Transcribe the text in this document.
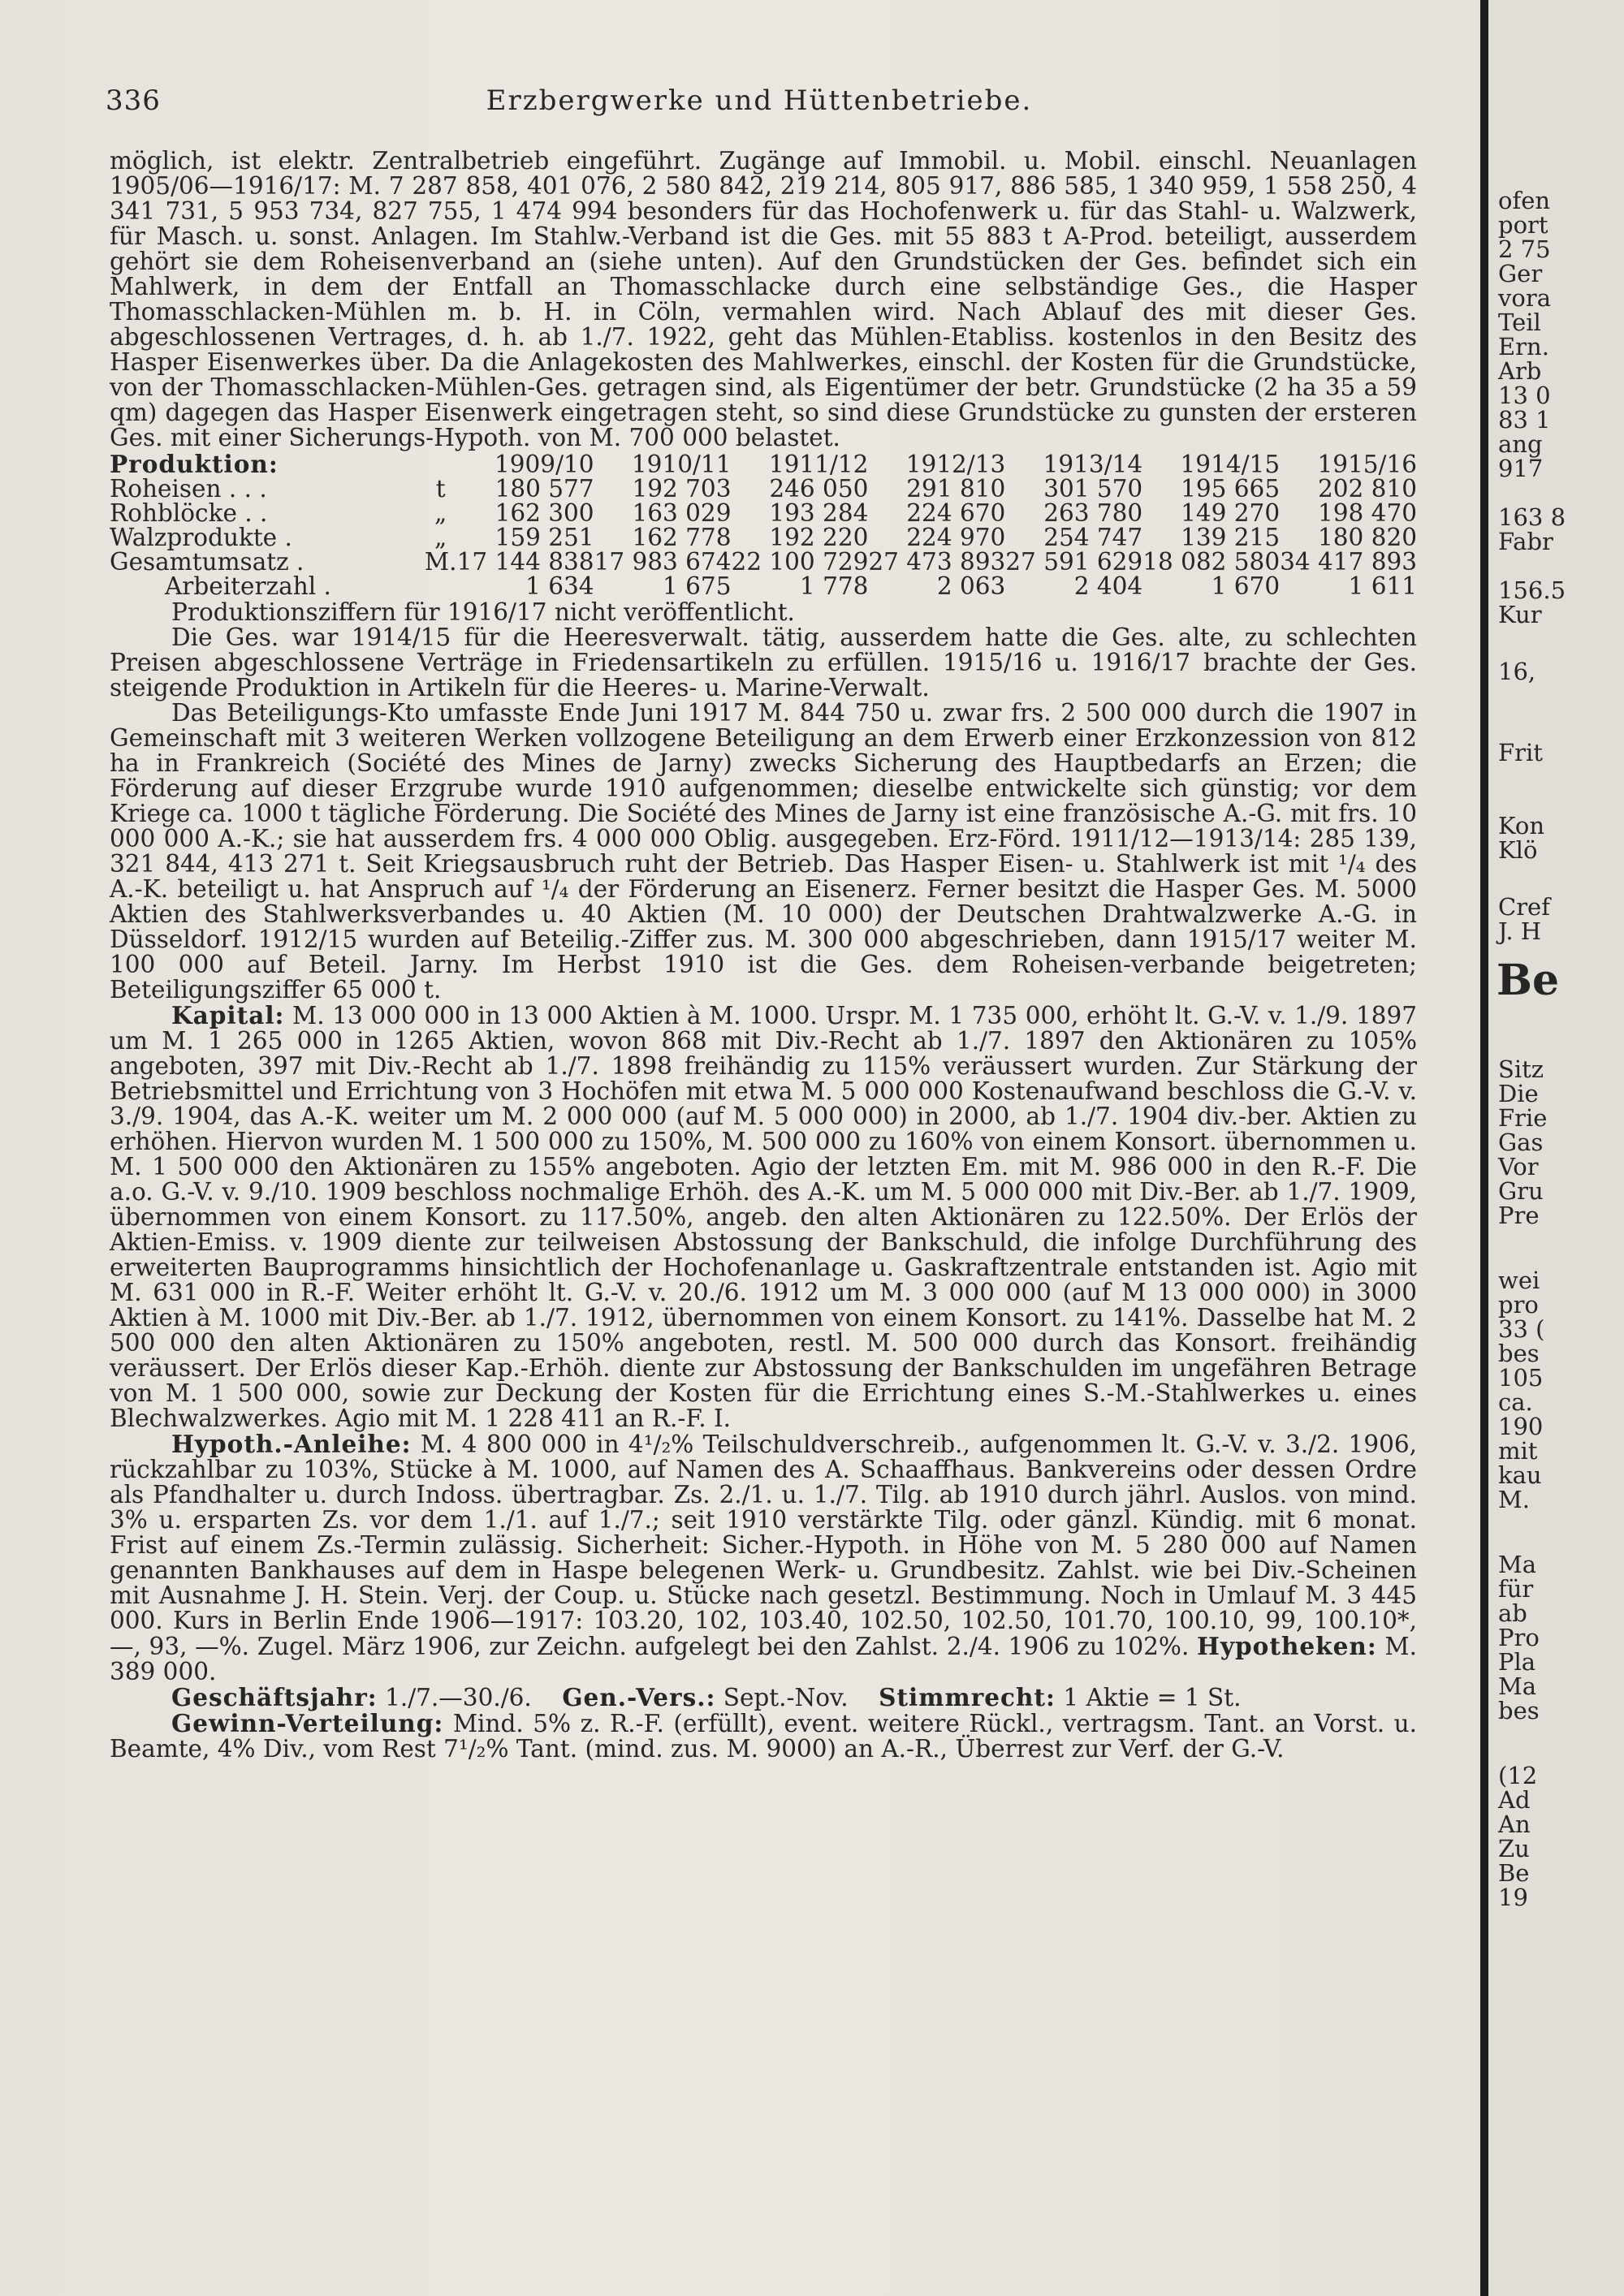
336	Erzbergwerke und Hüttenbetriebe.

möglich, ist elektr. Zentralbetrieb eingeführt. Zugänge auf Immobil. u. Mobil. einschl. Neuanlagen 1905/06—1916/17: M. 7 287 858, 401 076, 2 580 842, 219 214, 805 917, 886 585, 1 340 959, 1 558 250, 4 341 731, 5 953 734, 827 755, 1 474 994 besonders für das Hochofenwerk u. für das Stahl- u. Walzwerk, für Masch. u. sonst. Anlagen. Im Stahlw.-Verband ist die Ges. mit 55 883 t A-Prod. beteiligt, ausserdem gehört sie dem Roheisenverband an (siehe unten). Auf den Grundstücken der Ges. befindet sich ein Mahlwerk, in dem der Entfall an Thomasschlacke durch eine selbständige Ges., die Hasper Thomasschlacken-Mühlen m. b. H. in Cöln, vermahlen wird. Nach Ablauf des mit dieser Ges. abgeschlossenen Vertrages, d. h. ab 1./7. 1922, geht das Mühlen-Etabliss. kostenlos in den Besitz des Hasper Eisenwerkes über. Da die Anlagekosten des Mahlwerkes, einschl. der Kosten für die Grundstücke, von der Thomasschlacken-Mühlen-Ges. getragen sind, als Eigentümer der betr. Grundstücke (2 ha 35 a 59 qm) dagegen das Hasper Eisenwerk eingetragen steht, so sind diese Grundstücke zu gunsten der ersteren Ges. mit einer Sicherungs-Hypoth. von M. 700 000 belastet.

Produktion:		1909/10	1910/11	1911/12	1912/13	1913/14	1914/15	1915/16
Roheisen . . .	t	180 577	192 703	246 050	291 810	301 570	195 665	202 810
Rohblöcke . .	„	162 300	163 029	193 284	224 670	263 780	149 270	198 470
Walzprodukte .	„	159 251	162 778	192 220	224 970	254 747	139 215	180 820
Gesamtumsatz .	M.	17 144 838	17 983 674	22 100 729	27 473 893	27 591 629	18 082 580	34 417 893
Arbeiterzahl .		1 634	1 675	1 778	2 063	2 404	1 670	1 611

Produktionsziffern für 1916/17 nicht veröffentlicht.

Die Ges. war 1914/15 für die Heeresverwalt. tätig, ausserdem hatte die Ges. alte, zu schlechten Preisen abgeschlossene Verträge in Friedensartikeln zu erfüllen. 1915/16 u. 1916/17 brachte der Ges. steigende Produktion in Artikeln für die Heeres- u. Marine-Verwalt.

Das Beteiligungs-Kto umfasste Ende Juni 1917 M. 844 750 u. zwar frs. 2 500 000 durch die 1907 in Gemeinschaft mit 3 weiteren Werken vollzogene Beteiligung an dem Erwerb einer Erzkonzession von 812 ha in Frankreich (Société des Mines de Jarny) zwecks Sicherung des Hauptbedarfs an Erzen; die Förderung auf dieser Erzgrube wurde 1910 aufgenommen; dieselbe entwickelte sich günstig; vor dem Kriege ca. 1000 t tägliche Förderung. Die Société des Mines de Jarny ist eine französische A.-G. mit frs. 10 000 000 A.-K.; sie hat ausserdem frs. 4 000 000 Oblig. ausgegeben. Erz-Förd. 1911/12—1913/14: 285 139, 321 844, 413 271 t. Seit Kriegsausbruch ruht der Betrieb. Das Hasper Eisen- u. Stahlwerk ist mit ¹/₄ des A.-K. beteiligt u. hat Anspruch auf ¹/₄ der Förderung an Eisenerz. Ferner besitzt die Hasper Ges. M. 5000 Aktien des Stahlwerksverbandes u. 40 Aktien (M. 10 000) der Deutschen Drahtwalzwerke A.-G. in Düsseldorf. 1912/15 wurden auf Beteilig.-Ziffer zus. M. 300 000 abgeschrieben, dann 1915/17 weiter M. 100 000 auf Beteil. Jarny. Im Herbst 1910 ist die Ges. dem Roheisen-verbande beigetreten; Beteiligungsziffer 65 000 t.

Kapital: M. 13 000 000 in 13 000 Aktien à M. 1000. Urspr. M. 1 735 000, erhöht lt. G.-V. v. 1./9. 1897 um M. 1 265 000 in 1265 Aktien, wovon 868 mit Div.-Recht ab 1./7. 1897 den Aktionären zu 105% angeboten, 397 mit Div.-Recht ab 1./7. 1898 freihändig zu 115% veräussert wurden. Zur Stärkung der Betriebsmittel und Errichtung von 3 Hochöfen mit etwa M. 5 000 000 Kostenaufwand beschloss die G.-V. v. 3./9. 1904, das A.-K. weiter um M. 2 000 000 (auf M. 5 000 000) in 2000, ab 1./7. 1904 div.-ber. Aktien zu erhöhen. Hiervon wurden M. 1 500 000 zu 150%, M. 500 000 zu 160% von einem Konsort. übernommen u. M. 1 500 000 den Aktionären zu 155% angeboten. Agio der letzten Em. mit M. 986 000 in den R.-F. Die a.o. G.-V. v. 9./10. 1909 beschloss nochmalige Erhöh. des A.-K. um M. 5 000 000 mit Div.-Ber. ab 1./7. 1909, übernommen von einem Konsort. zu 117.50%, angeb. den alten Aktionären zu 122.50%. Der Erlös der Aktien-Emiss. v. 1909 diente zur teilweisen Abstossung der Bankschuld, die infolge Durchführung des erweiterten Bauprogramms hinsichtlich der Hochofenanlage u. Gaskraftzentrale entstanden ist. Agio mit M. 631 000 in R.-F. Weiter erhöht lt. G.-V. v. 20./6. 1912 um M. 3 000 000 (auf M 13 000 000) in 3000 Aktien à M. 1000 mit Div.-Ber. ab 1./7. 1912, übernommen von einem Konsort. zu 141%. Dasselbe hat M. 2 500 000 den alten Aktionären zu 150% angeboten, restl. M. 500 000 durch das Konsort. freihändig veräussert. Der Erlös dieser Kap.-Erhöh. diente zur Abstossung der Bankschulden im ungefähren Betrage von M. 1 500 000, sowie zur Deckung der Kosten für die Errichtung eines S.-M.-Stahlwerkes u. eines Blechwalzwerkes. Agio mit M. 1 228 411 an R.-F. I.

Hypoth.-Anleihe: M. 4 800 000 in 4¹/₂% Teilschuldverschreib., aufgenommen lt. G.-V. v. 3./2. 1906, rückzahlbar zu 103%, Stücke à M. 1000, auf Namen des A. Schaaffhaus. Bankvereins oder dessen Ordre als Pfandhalter u. durch Indoss. übertragbar. Zs. 2./1. u. 1./7. Tilg. ab 1910 durch jährl. Auslos. von mind. 3% u. ersparten Zs. vor dem 1./1. auf 1./7.; seit 1910 verstärkte Tilg. oder gänzl. Kündig. mit 6 monat. Frist auf einem Zs.-Termin zulässig. Sicherheit: Sicher.-Hypoth. in Höhe von M. 5 280 000 auf Namen genannten Bankhauses auf dem in Haspe belegenen Werk- u. Grundbesitz. Zahlst. wie bei Div.-Scheinen mit Ausnahme J. H. Stein. Verj. der Coup. u. Stücke nach gesetzl. Bestimmung. Noch in Umlauf M. 3 445 000. Kurs in Berlin Ende 1906—1917: 103.20, 102, 103.40, 102.50, 102.50, 101.70, 100.10, 99, 100.10*, —, 93, —%. Zugel. März 1906, zur Zeichn. aufgelegt bei den Zahlst. 2./4. 1906 zu 102%. Hypotheken: M. 389 000.

Geschäftsjahr: 1./7.—30./6. Gen.-Vers.: Sept.-Nov. Stimmrecht: 1 Aktie = 1 St.

Gewinn-Verteilung: Mind. 5% z. R.-F. (erfüllt), event. weitere Rückl., vertragsm. Tant. an Vorst. u. Beamte, 4% Div., vom Rest 7¹/₂% Tant. (mind. zus. M. 9000) an A.-R., Überrest zur Verf. der G.-V.

ofen
port
2 75
Ger
vora
Teil
Ern.
Arb
13 0
83 1
ang
917
163 8
Fabr
156.5
Kur
16,
Frit
Kon
Klö
Cref
J. H
Be
Sitz
Die
Frie
Gas
Vor
Gru
Pre
wei
pro
33 (
bes
105
ca.
190
mit
kau
M.
Ma
für
ab
Pro
Pla
Ma
bes
(12
Ad
An
Zu
Be
19
